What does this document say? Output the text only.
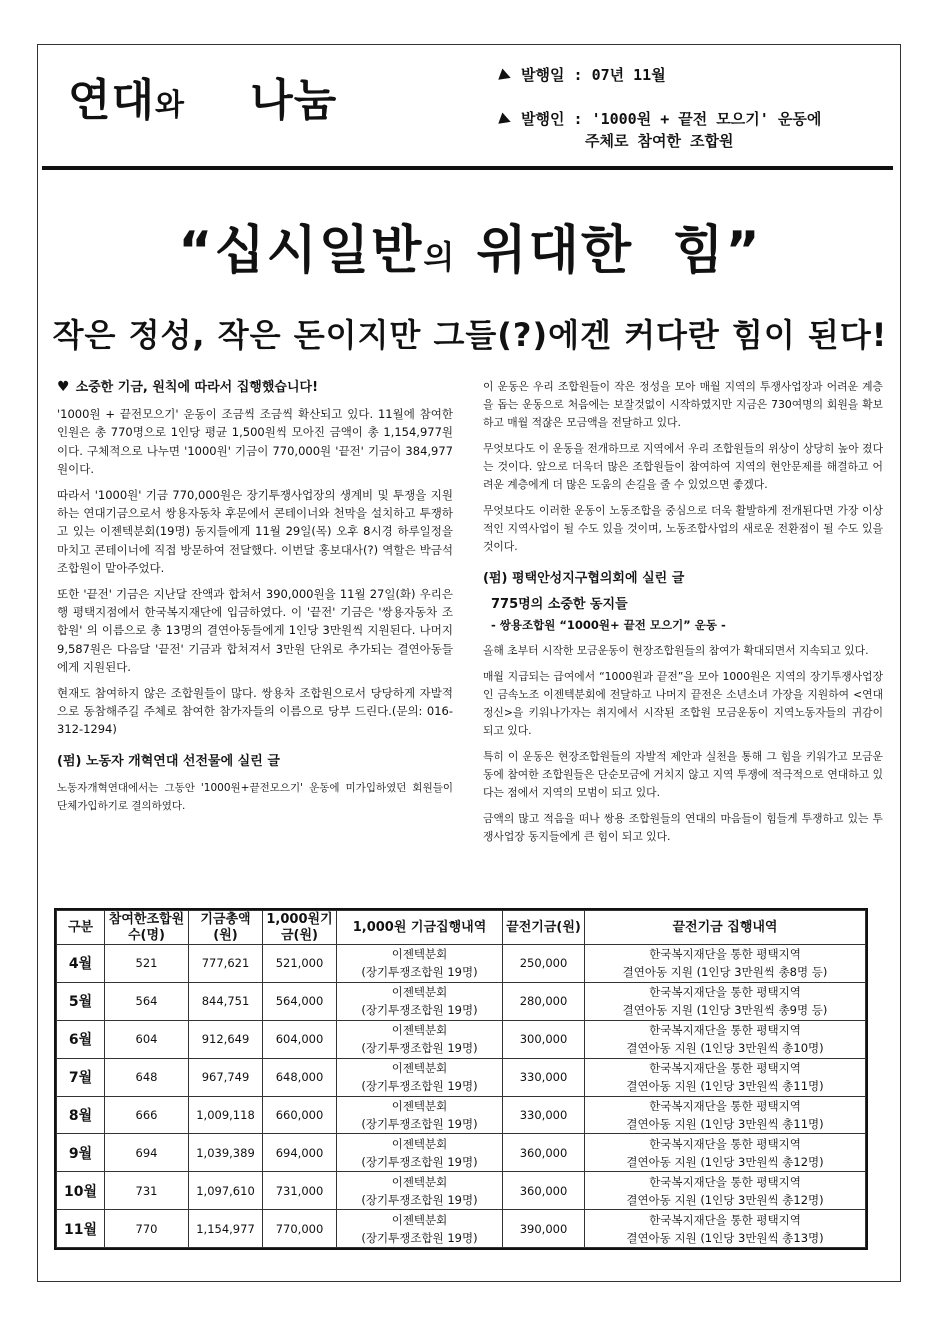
연대와 나눔	발행일 : 07년 11월
발행인 : '1000원 + 끝전 모으기' 운동에
주체로 참여한 조합원
“십시일반의 위대한  힘”
작은 정성, 작은 돈이지만 그들(?)에겐 커다란 힘이 된다!
♥ 소중한 기금, 원칙에 따라서 집행했습니다!

'1000원 + 끝전모으기' 운동이 조금씩 조금씩 확산되고 있다. 11월에 참여한 인원은 총 770명으로 1인당 평균 1,500원씩 모아진 금액이 총 1,154,977원이다. 구체적으로 나누면 '1000원' 기금이 770,000원 '끝전' 기금이 384,977원이다.

따라서 '1000원' 기금 770,000원은 장기투쟁사업장의 생계비 및 투쟁을 지원하는 연대기금으로서 쌍용자동차 후문에서 콘테이너와 천막을 설치하고 투쟁하고 있는 이젠텍분회(19명) 동지들에게 11월 29일(목) 오후 8시경 하루일정을 마치고 콘테이너에 직접 방문하여 전달했다. 이번달 홍보대사(?) 역할은 박금석조합원이 맡아주었다.

또한 '끝전' 기금은 지난달 잔액과 합쳐서 390,000원을 11월 27일(화) 우리은행 평택지점에서 한국복지재단에 입금하였다. 이 '끝전' 기금은 '쌍용자동차 조합원' 의 이름으로 총 13명의 결연아동들에게 1인당 3만원씩 지원된다. 나머지 9,587원은 다음달 '끝전' 기금과 합쳐져서 3만원 단위로 추가되는 결연아동들에게 지원된다.

현재도 참여하지 않은 조합원들이 많다. 쌍용차 조합원으로서 당당하게 자발적으로 동참해주길 주체로 참여한 참가자들의 이름으로 당부 드린다.(문의: 016-312-1294)

(펌) 노동자 개혁연대 선전물에 실린 글

노동자개혁연대에서는 그동안 '1000원+끝전모으기' 운동에 미가입하였던 회원들이 단체가입하기로 결의하였다.

이 운동은 우리 조합원들이 작은 정성을 모아 매월 지역의 투쟁사업장과 어려운 계층을 돕는 운동으로 처음에는 보잘것없이 시작하였지만 지금은 730여명의 회원을 확보하고 매월 적잖은 모금액을 전달하고 있다.

무엇보다도 이 운동을 전개하므로 지역에서 우리 조합원들의 위상이 상당히 높아 졌다는 것이다. 앞으로 더욱더 많은 조합원들이 참여하여 지역의 현안문제를 해결하고 어려운 계층에게 더 많은 도움의 손길을 줄 수 있었으면 좋겠다.

무엇보다도 이러한 운동이 노동조합을 중심으로 더욱 활발하게 전개된다면 가장 이상적인 지역사업이 될 수도 있을 것이며, 노동조합사업의 새로운 전환점이 될 수도 있을 것이다.

(펌) 평택안성지구협의회에 실린 글
775명의 소중한 동지들
- 쌍용조합원 “1000원+ 끝전 모으기” 운동 -

올해 초부터 시작한 모금운동이 현장조합원들의 참여가 확대되면서 지속되고 있다.

매월 지급되는 급여에서 “1000원과 끝전”을 모아 1000원은 지역의 장기투쟁사업장인 금속노조 이젠텍분회에 전달하고 나머지 끝전은 소년소녀 가장을 지원하여 <연대정신>을 키워나가자는 취지에서 시작된 조합원 모금운동이 지역노동자들의 귀감이 되고 있다.

특히 이 운동은 현장조합원들의 자발적 제안과 실천을 통해 그 힘을 키워가고 모금운동에 참여한 조합원들은 단순모금에 거치지 않고 지역 투쟁에 적극적으로 연대하고 있다는 점에서 지역의 모범이 되고 있다.

금액의 많고 적음을 떠나 쌍용 조합원들의 연대의 마음들이 힘들게 투쟁하고 있는 투쟁사업장 동지들에게 큰 힘이 되고 있다.

구분	참여한조합원수(명)	기금총액(원)	1,000원기금(원)	1,000원 기금집행내역	끝전기금(원)	끝전기금 집행내역
4월	521	777,621	521,000	이젠텍분회
(장기투쟁조합원 19명)	250,000	한국복지재단을 통한 평택지역
결연아동 지원 (1인당 3만원씩 총8명 등)

5월	564	844,751	564,000	이젠텍분회
(장기투쟁조합원 19명)	280,000	한국복지재단을 통한 평택지역
결연아동 지원 (1인당 3만원씩 총9명 등)

6월	604	912,649	604,000	이젠텍분회
(장기투쟁조합원 19명)	300,000	한국복지재단을 통한 평택지역
결연아동 지원 (1인당 3만원씩 총10명)

7월	648	967,749	648,000	이젠텍분회
(장기투쟁조합원 19명)	330,000	한국복지재단을 통한 평택지역
결연아동 지원 (1인당 3만원씩 총11명)

8월	666	1,009,118	660,000	이젠텍분회
(장기투쟁조합원 19명)	330,000	한국복지재단을 통한 평택지역
결연아동 지원 (1인당 3만원씩 총11명)

9월	694	1,039,389	694,000	이젠텍분회
(장기투쟁조합원 19명)	360,000	한국복지재단을 통한 평택지역
결연아동 지원 (1인당 3만원씩 총12명)

10월	731	1,097,610	731,000	이젠텍분회
(장기투쟁조합원 19명)	360,000	한국복지재단을 통한 평택지역
결연아동 지원 (1인당 3만원씩 총12명)

11월	770	1,154,977	770,000	이젠텍분회
(장기투쟁조합원 19명)	390,000	한국복지재단을 통한 평택지역
결연아동 지원 (1인당 3만원씩 총13명)
